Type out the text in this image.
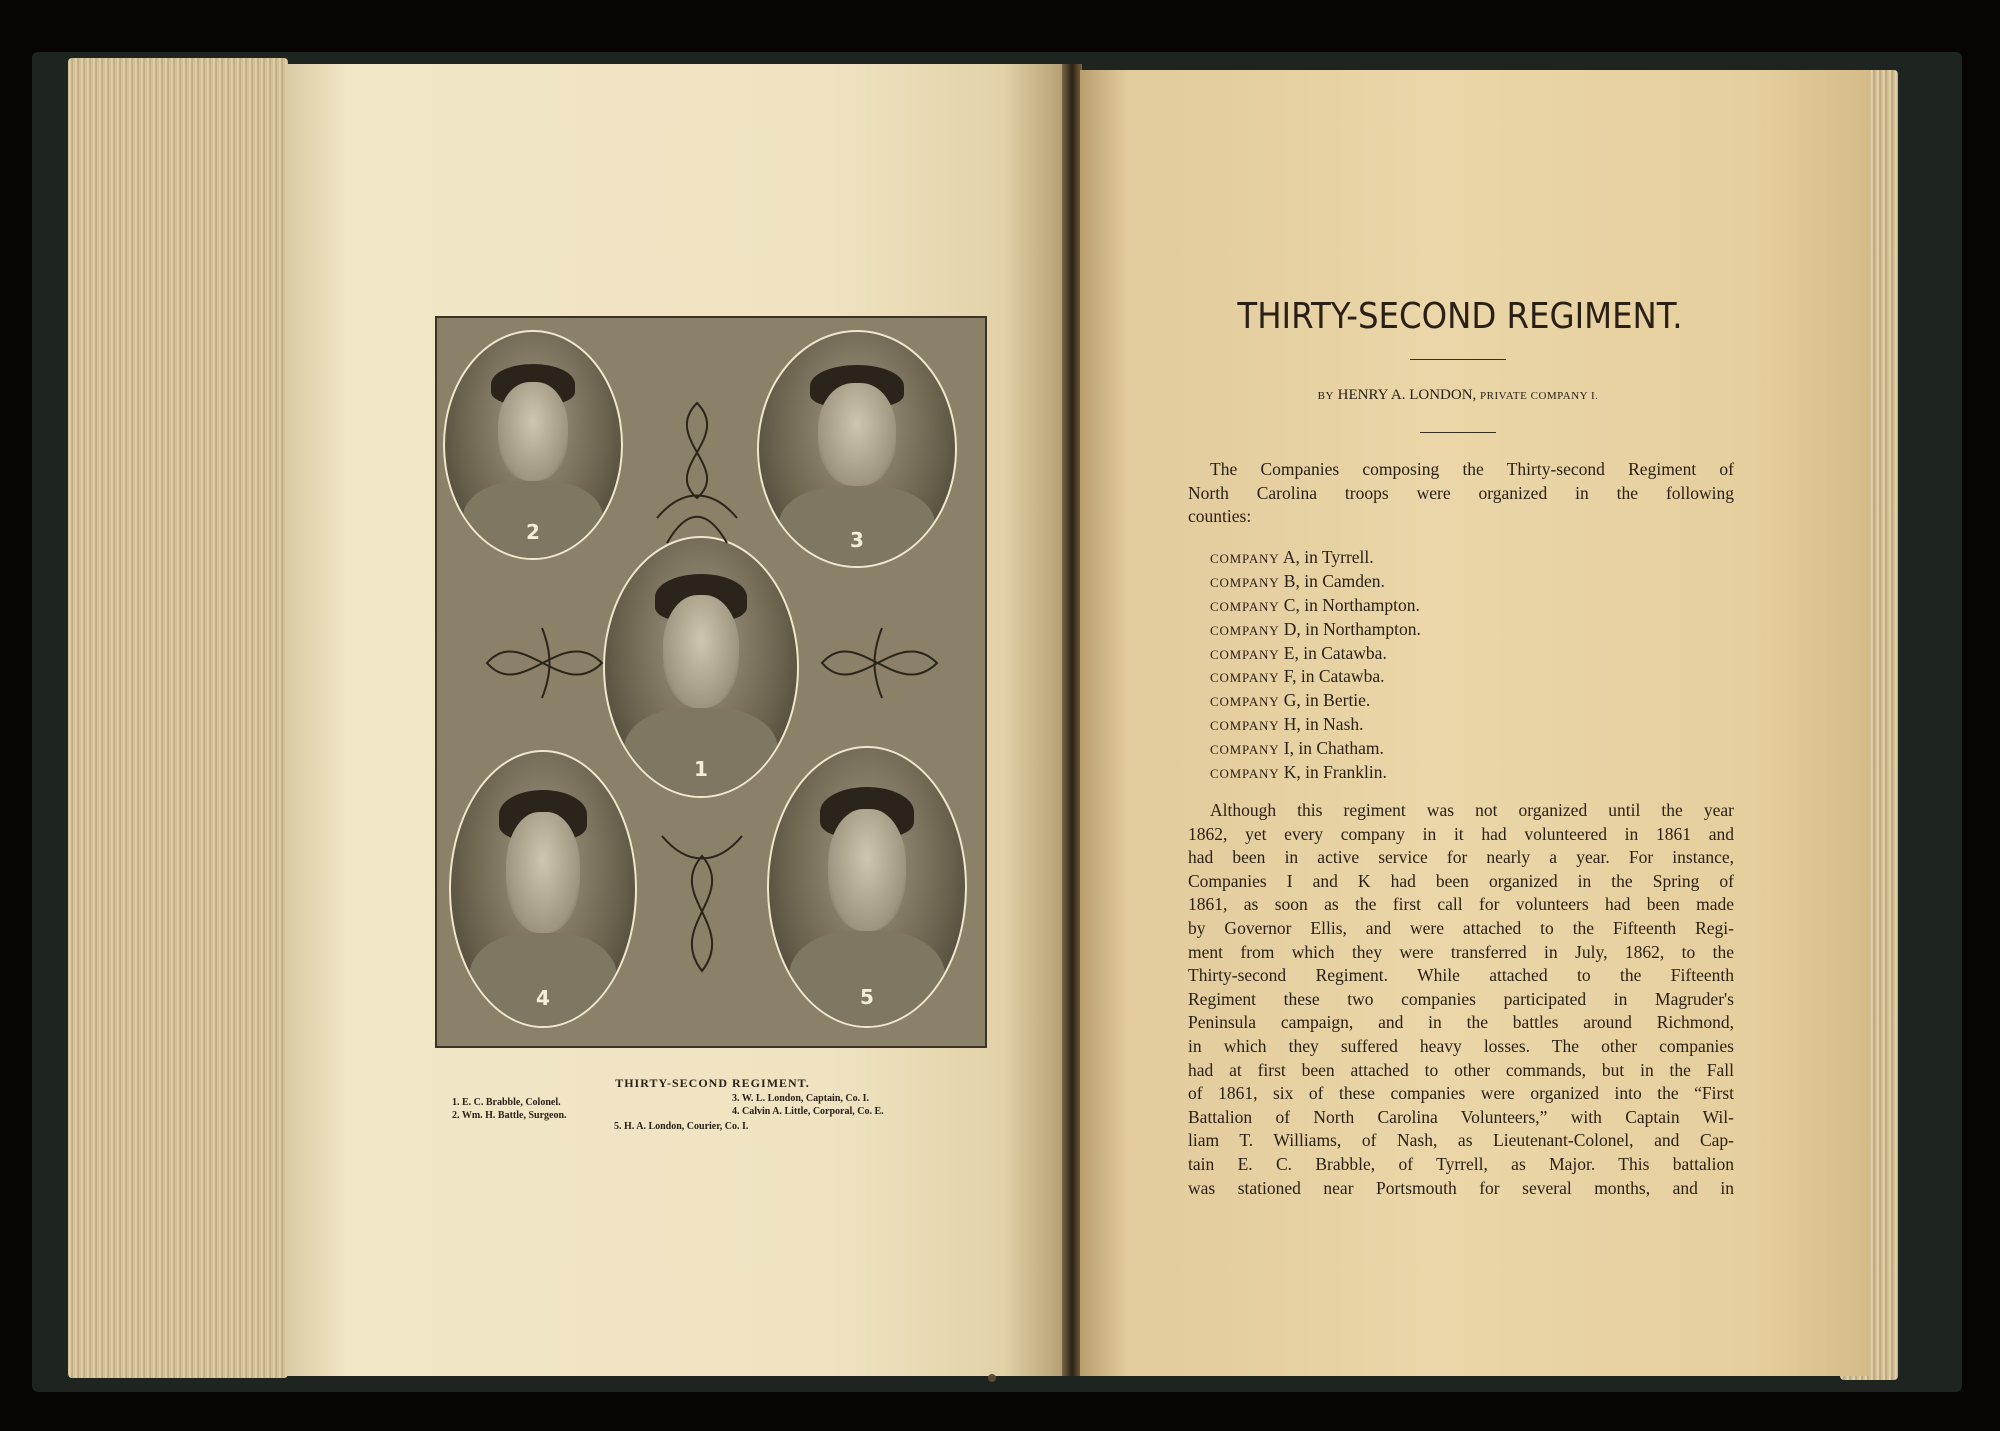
2	3
1
4	5
THIRTY-SECOND REGIMENT.
1. E. C. Brabble, Colonel.
2. Wm. H. Battle, Surgeon.
3. W. L. London, Captain, Co. I.
4. Calvin A. Little, Corporal, Co. E.
5. H. A. London, Courier, Co. I.
THIRTY-SECOND REGIMENT.
BY HENRY A. LONDON, PRIVATE COMPANY I.
The Companies composing the Thirty-second Regiment of
North Carolina troops were organized in the following
counties:
COMPANY A, in Tyrrell.
COMPANY B, in Camden.
COMPANY C, in Northampton.
COMPANY D, in Northampton.
COMPANY E, in Catawba.
COMPANY F, in Catawba.
COMPANY G, in Bertie.
COMPANY H, in Nash.
COMPANY I, in Chatham.
COMPANY K, in Franklin.
Although this regiment was not organized until the year
1862, yet every company in it had volunteered in 1861 and
had been in active service for nearly a year. For instance,
Companies I and K had been organized in the Spring of
1861, as soon as the first call for volunteers had been made
by Governor Ellis, and were attached to the Fifteenth Regi-
ment from which they were transferred in July, 1862, to the
Thirty-second Regiment. While attached to the Fifteenth
Regiment these two companies participated in Magruder's
Peninsula campaign, and in the battles around Richmond,
in which they suffered heavy losses. The other companies
had at first been attached to other commands, but in the Fall
of 1861, six of these companies were organized into the “First
Battalion of North Carolina Volunteers,” with Captain Wil-
liam T. Williams, of Nash, as Lieutenant-Colonel, and Cap-
tain E. C. Brabble, of Tyrrell, as Major. This battalion
was stationed near Portsmouth for several months, and in
